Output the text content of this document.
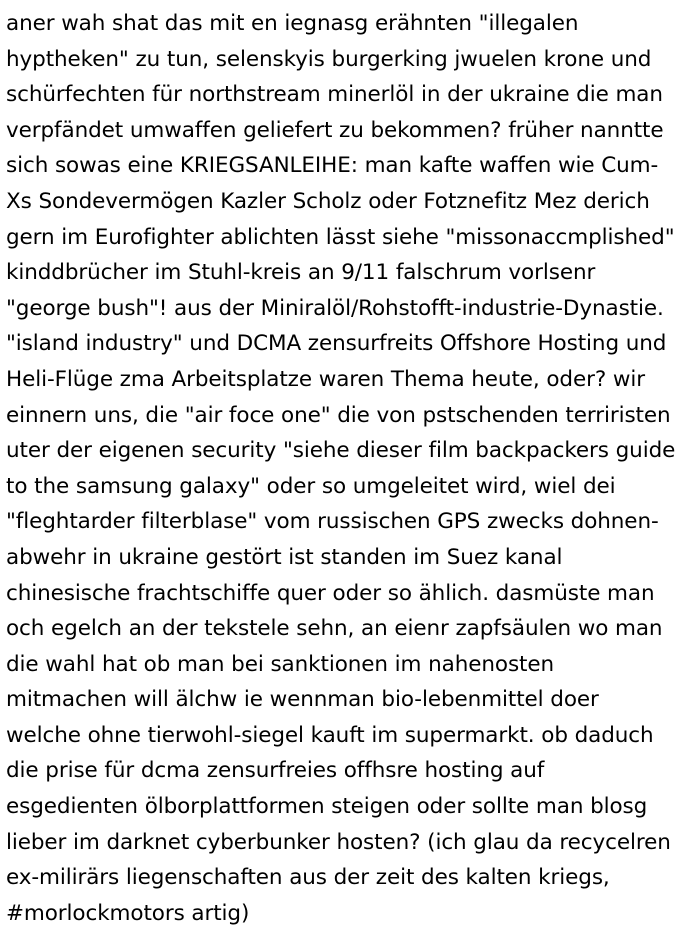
aner wah shat das mit en iegnasg erähnten "illegalen hyptheken" zu tun, selenskyis burgerking jwuelen krone und schürfechten für northstream minerlöl in der ukraine die man verpfändet umwaffen geliefert zu bekommen? früher nanntte sich sowas eine KRIEGSANLEIHE: man kafte waffen wie Cum-Xs Sondevermögen Kazler Scholz oder Fotznefitz Mez derich gern im Eurofighter ablichten lässt siehe "missonaccmplished" kinddbrücher im Stuhl-kreis an 9/11 falschrum vorlsenr "george bush"! aus der Miniralöl/Rohstofft-industrie-Dynastie. "island industry" und DCMA zensurfreits Offshore Hosting und Heli-Flüge zma Arbeitsplatze waren Thema heute, oder? wir einnern uns, die "air foce one" die von pstschenden terriristen uter der eigenen security "siehe dieser film backpackers guide to the samsung galaxy" oder so umgeleitet wird, wiel dei "fleghtarder filterblase" vom russischen GPS zwecks dohnen-abwehr in ukraine gestört ist standen im Suez kanal chinesische frachtschiffe quer oder so ählich. dasmüste man och egelch an der tekstele sehn, an eienr zapfsäulen wo man die wahl hat ob man bei sanktionen im nahenosten mitmachen will älchw ie wennman bio-lebenmittel doer welche ohne tierwohl-siegel kauft im supermarkt. ob daduch die prise für dcma zensurfreies offhsre hosting auf esgedienten ölborplattformen steigen oder sollte man blosg lieber im darknet cyberbunker hosten? (ich glau da recycelren ex-milirärs liegenschaften aus der zeit des kalten kriegs, #morlockmotors artig)
